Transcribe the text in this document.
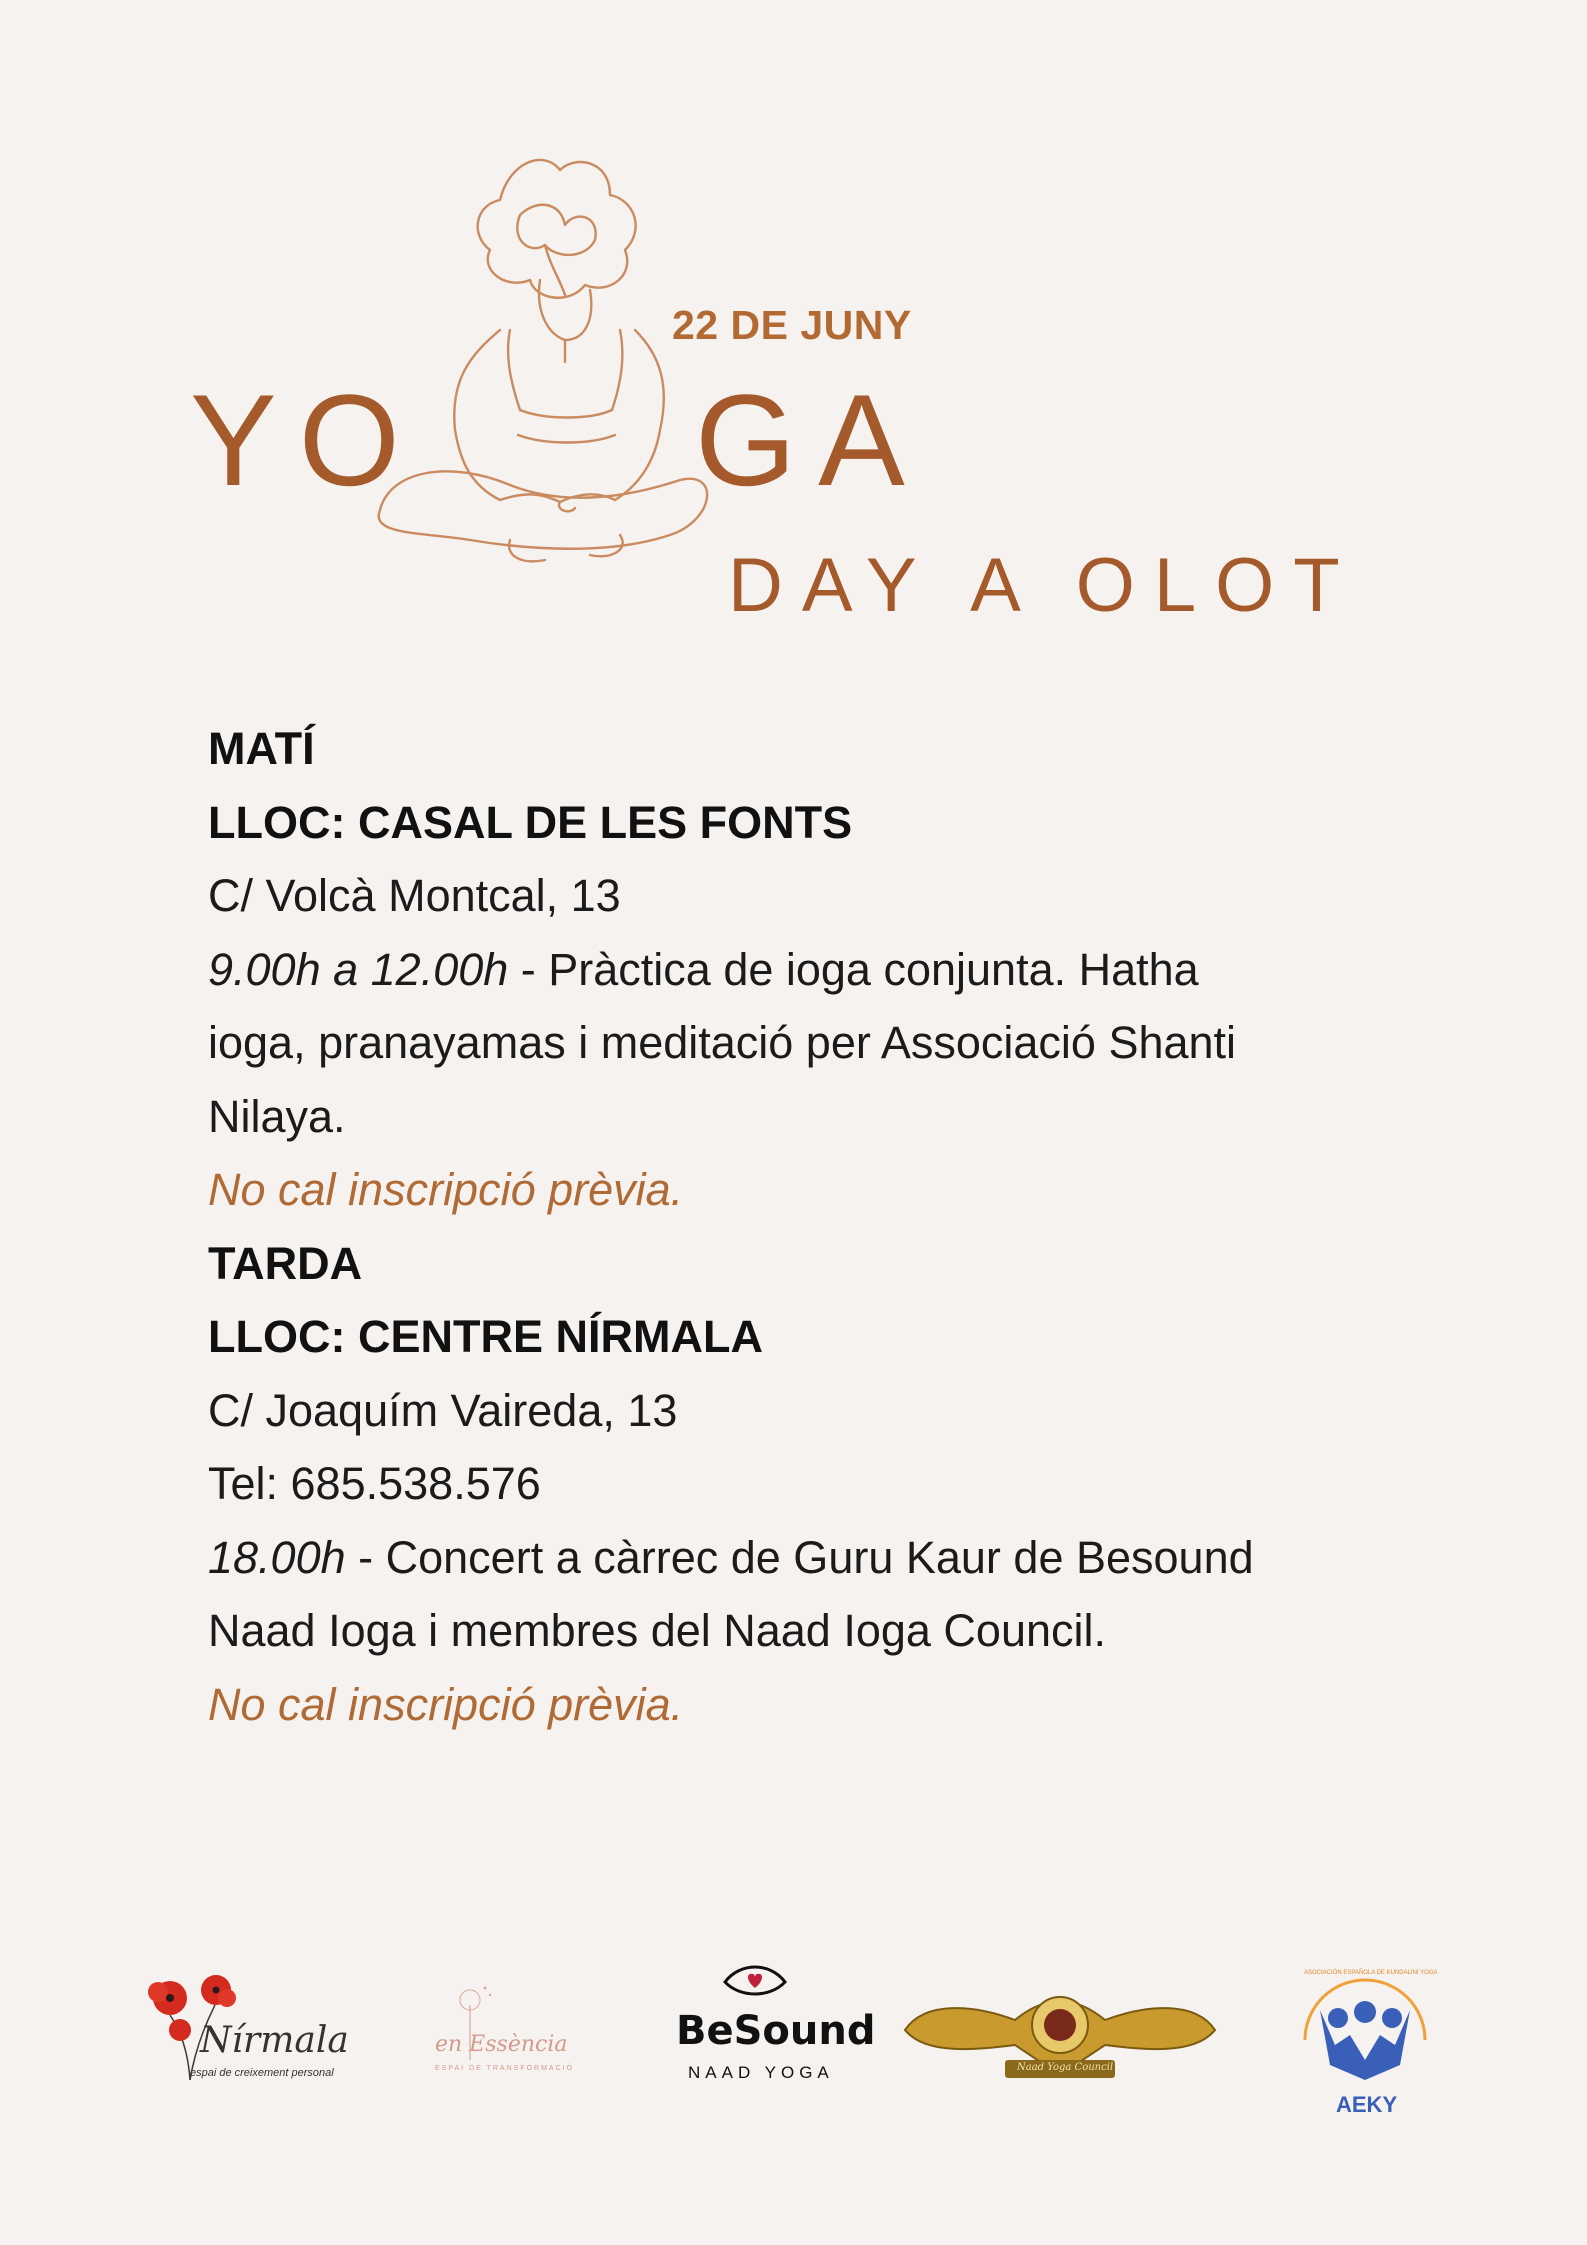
22 DE JUNY
YO GA
DAY A OLOT
MATÍ
LLOC: CASAL DE LES FONTS
C/ Volcà Montcal, 13
9.00h a 12.00h - Pràctica de ioga conjunta. Hatha
ioga, pranayamas i meditació per Associació Shanti
Nilaya.
No cal inscripció prèvia.
TARDA
LLOC: CENTRE NÍRMALA
C/ Joaquím Vaireda, 13
Tel: 685.538.576
18.00h - Concert a càrrec de Guru Kaur de Besound
Naad Ioga i membres del Naad Ioga Council.
No cal inscripció prèvia.
Nírmala
espai de creixement personal
en Essència
ESPAI DE TRANSFORMACIÓ
BeSound
NAAD YOGA	Naad Yoga Council
ASOCIACIÓN ESPAÑOLA DE KUNDALINI YOGA
AEKY
